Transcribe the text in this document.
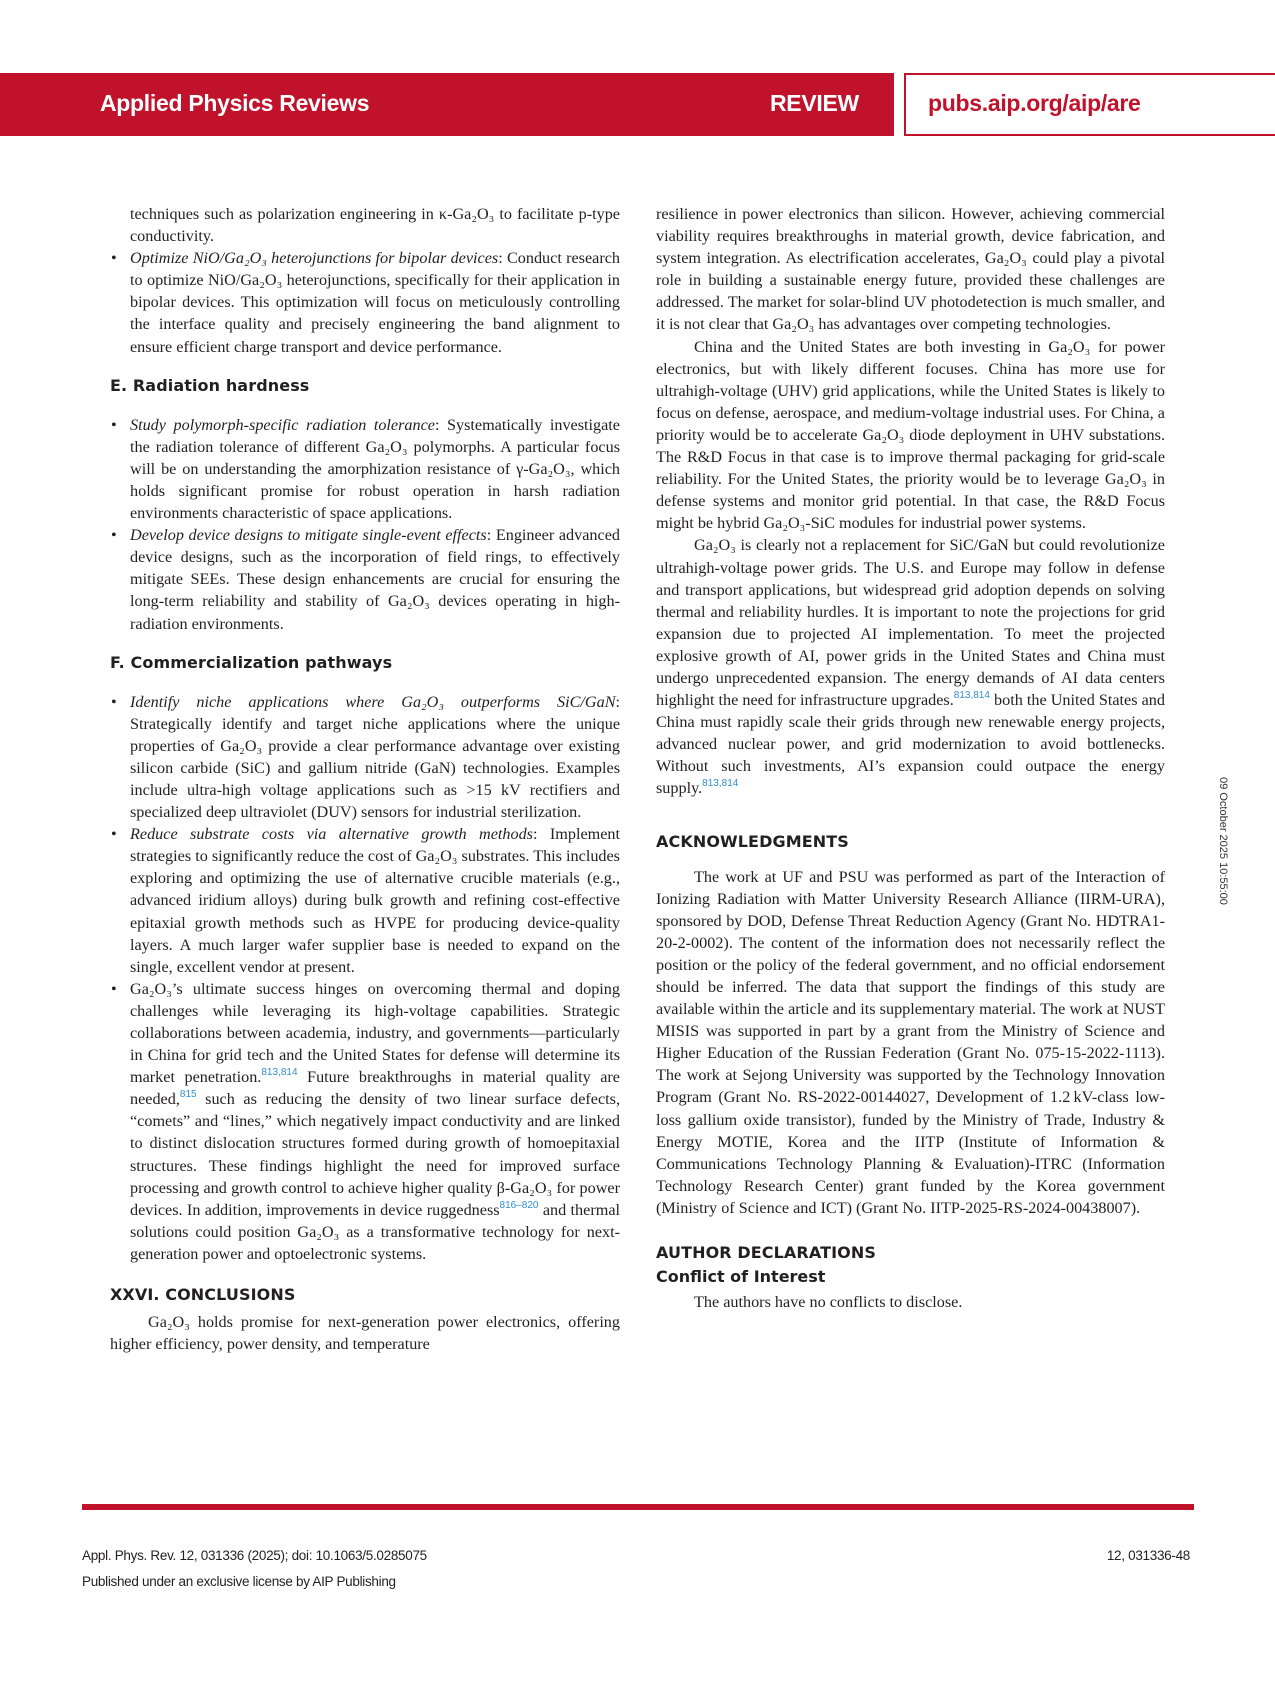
Applied Physics Reviews	REVIEW	pubs.aip.org/aip/are

techniques such as polarization engineering in κ-Ga₂O₃ to facilitate p-type conductivity.

• Optimize NiO/Ga₂O₃ heterojunctions for bipolar devices: Conduct research to optimize NiO/Ga₂O₃ heterojunctions, specifically for their application in bipolar devices. This optimization will focus on meticulously controlling the interface quality and precisely engineering the band alignment to ensure efficient charge transport and device performance.
E. Radiation hardness
• Study polymorph-specific radiation tolerance: Systematically investigate the radiation tolerance of different Ga₂O₃ polymorphs. A particular focus will be on understanding the amorphization resistance of γ-Ga₂O₃, which holds significant promise for robust operation in harsh radiation environments characteristic of space applications.
• Develop device designs to mitigate single-event effects: Engineer advanced device designs, such as the incorporation of field rings, to effectively mitigate SEEs. These design enhancements are crucial for ensuring the long-term reliability and stability of Ga₂O₃ devices operating in high-radiation environments.
F. Commercialization pathways
• Identify niche applications where Ga₂O₃ outperforms SiC/GaN: Strategically identify and target niche applications where the unique properties of Ga₂O₃ provide a clear performance advantage over existing silicon carbide (SiC) and gallium nitride (GaN) technologies. Examples include ultra-high voltage applications such as >15 kV rectifiers and specialized deep ultraviolet (DUV) sensors for industrial sterilization.
• Reduce substrate costs via alternative growth methods: Implement strategies to significantly reduce the cost of Ga₂O₃ substrates. This includes exploring and optimizing the use of alternative crucible materials (e.g., advanced iridium alloys) during bulk growth and refining cost-effective epitaxial growth methods such as HVPE for producing device-quality layers. A much larger wafer supplier base is needed to expand on the single, excellent vendor at present.
• Ga₂O₃’s ultimate success hinges on overcoming thermal and doping challenges while leveraging its high-voltage capabilities. Strategic collaborations between academia, industry, and governments—particularly in China for grid tech and the United States for defense will determine its market penetration.$^{813,814}$ Future breakthroughs in material quality are needed,$^{815}$ such as reducing the density of two linear surface defects, “comets” and “lines,” which negatively impact conductivity and are linked to distinct dislocation structures formed during growth of homoepitaxial structures. These findings highlight the need for improved surface processing and growth control to achieve higher quality β-Ga₂O₃ for power devices. In addition, improvements in device ruggedness$^{816-820}$ and thermal solutions could position Ga₂O₃ as a transformative technology for next-generation power and optoelectronic systems.
XXVI. CONCLUSIONS

Ga₂O₃ holds promise for next-generation power electronics, offering higher efficiency, power density, and temperature

resilience in power electronics than silicon. However, achieving commercial viability requires breakthroughs in material growth, device fabrication, and system integration. As electrification accelerates, Ga₂O₃ could play a pivotal role in building a sustainable energy future, provided these challenges are addressed. The market for solar-blind UV photodetection is much smaller, and it is not clear that Ga₂O₃ has advantages over competing technologies.

China and the United States are both investing in Ga₂O₃ for power electronics, but with likely different focuses. China has more use for ultrahigh-voltage (UHV) grid applications, while the United States is likely to focus on defense, aerospace, and medium-voltage industrial uses. For China, a priority would be to accelerate Ga₂O₃ diode deployment in UHV substations. The R&D Focus in that case is to improve thermal packaging for grid-scale reliability. For the United States, the priority would be to leverage Ga₂O₃ in defense systems and monitor grid potential. In that case, the R&D Focus might be hybrid Ga₂O₃-SiC modules for industrial power systems.

Ga₂O₃ is clearly not a replacement for SiC/GaN but could revolutionize ultrahigh-voltage power grids. The U.S. and Europe may follow in defense and transport applications, but widespread grid adoption depends on solving thermal and reliability hurdles. It is important to note the projections for grid expansion due to projected AI implementation. To meet the projected explosive growth of AI, power grids in the United States and China must undergo unprecedented expansion. The energy demands of AI data centers highlight the need for infrastructure upgrades.$^{813,814}$ both the United States and China must rapidly scale their grids through new renewable energy projects, advanced nuclear power, and grid modernization to avoid bottlenecks. Without such investments, AI’s expansion could outpace the energy supply.$^{813,814}$

ACKNOWLEDGMENTS

The work at UF and PSU was performed as part of the Interaction of Ionizing Radiation with Matter University Research Alliance (IIRM-URA), sponsored by DOD, Defense Threat Reduction Agency (Grant No. HDTRA1-20-2-0002). The content of the information does not necessarily reflect the position or the policy of the federal government, and no official endorsement should be inferred. The data that support the findings of this study are available within the article and its supplementary material. The work at NUST MISIS was supported in part by a grant from the Ministry of Science and Higher Education of the Russian Federation (Grant No. 075-15-2022-1113). The work at Sejong University was supported by the Technology Innovation Program (Grant No. RS-2022-00144027, Development of 1.2 kV-class low-loss gallium oxide transistor), funded by the Ministry of Trade, Industry & Energy MOTIE, Korea and the IITP (Institute of Information & Communications Technology Planning & Evaluation)-ITRC (Information Technology Research Center) grant funded by the Korea government (Ministry of Science and ICT) (Grant No. IITP-2025-RS-2024-00438007).

AUTHOR DECLARATIONS
Conflict of Interest

The authors have no conflicts to disclose.

09 October 2025 10:55:00
Appl. Phys. Rev. 12, 031336 (2025); doi: 10.1063/5.0285075	12, 031336-48
Published under an exclusive license by AIP Publishing
